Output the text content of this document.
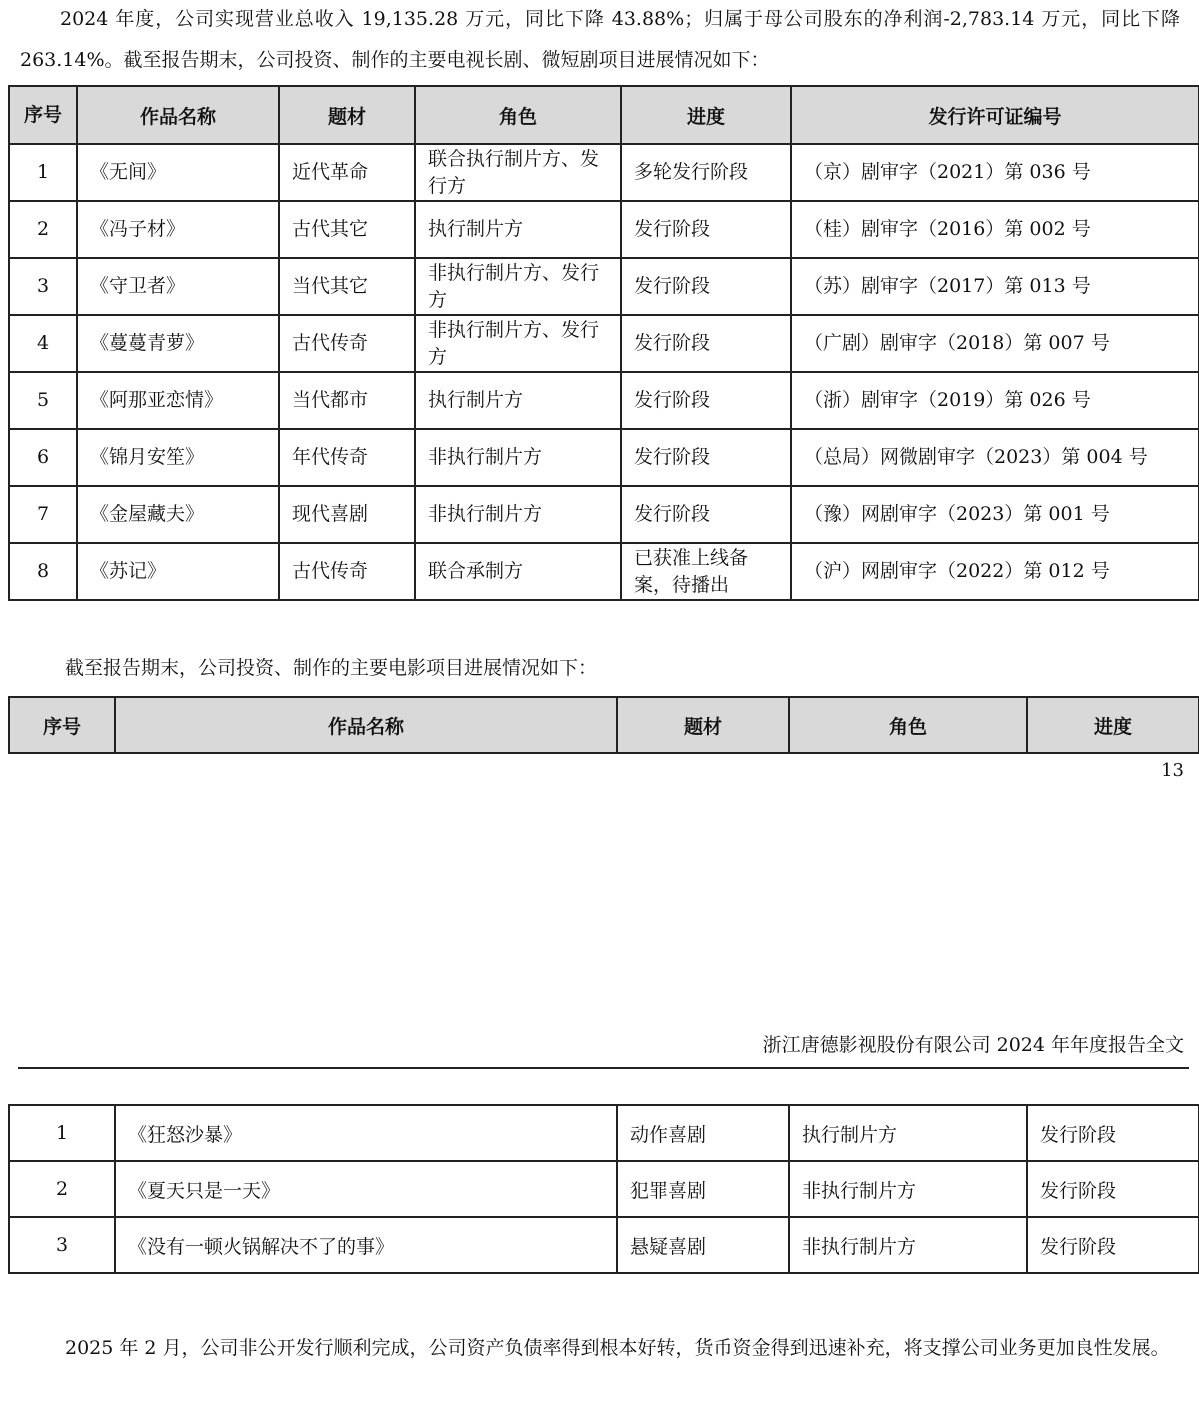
2024 年度，公司实现营业总收入 19,135.28 万元，同比下降 43.88%；归属于母公司股东的净利润-2,783.14 万元，同比下降 263.14%。截至报告期末，公司投资、制作的主要电视长剧、微短剧项目进展情况如下：

序号	作品名称	题材	角色	进度	发行许可证编号

1	《无间》	近代革命	联合执行制片方、发行方	多轮发行阶段	（京）剧审字（2021）第 036 号

2	《冯子材》	古代其它	执行制片方	发行阶段	（桂）剧审字（2016）第 002 号

3	《守卫者》	当代其它	非执行制片方、发行方	发行阶段	（苏）剧审字（2017）第 013 号

4	《蔓蔓青萝》	古代传奇	非执行制片方、发行方	发行阶段	（广剧）剧审字（2018）第 007 号

5	《阿那亚恋情》	当代都市	执行制片方	发行阶段	（浙）剧审字（2019）第 026 号

6	《锦月安笙》	年代传奇	非执行制片方	发行阶段	（总局）网微剧审字（2023）第 004 号

7	《金屋藏夫》	现代喜剧	非执行制片方	发行阶段	（豫）网剧审字（2023）第 001 号

8	《苏记》	古代传奇	联合承制方	已获准上线备案，待播出	（沪）网剧审字（2022）第 012 号

截至报告期末，公司投资、制作的主要电影项目进展情况如下：

序号	作品名称	题材	角色	进度
13
浙江唐德影视股份有限公司 2024 年年度报告全文
1	《狂怒沙暴》	动作喜剧	执行制片方	发行阶段
2	《夏天只是一天》	犯罪喜剧	非执行制片方	发行阶段
3	《没有一顿火锅解决不了的事》	悬疑喜剧	非执行制片方	发行阶段

2025 年 2 月，公司非公开发行顺利完成，公司资产负债率得到根本好转，货币资金得到迅速补充，将支撑公司业务更加良性发展。
